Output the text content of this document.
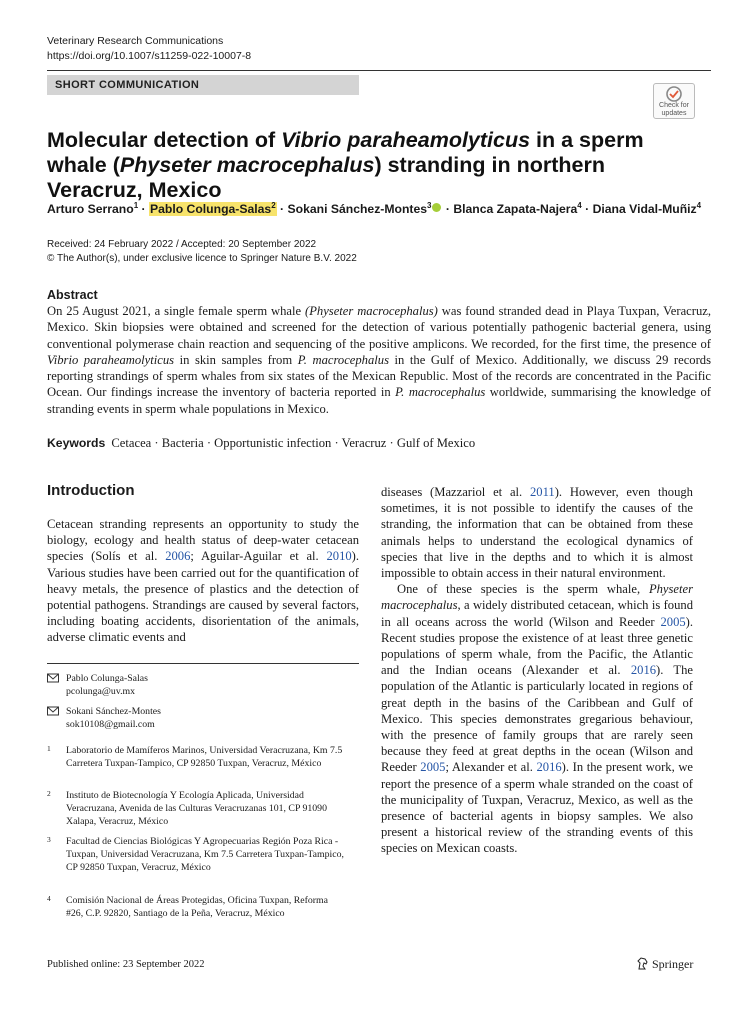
Veterinary Research Communications
https://doi.org/10.1007/s11259-022-10007-8
SHORT COMMUNICATION
Check for
updates
Molecular detection of Vibrio paraheamolyticus in a sperm whale (Physeter macrocephalus) stranding in northern Veracruz, Mexico
Arturo Serrano$^1$ · Pablo Colunga-Salas$^2$ · Sokani Sánchez-Montes$^3$ · Blanca Zapata-Najera$^4$ · Diana Vidal-Muñiz$^4$
Received: 24 February 2022 / Accepted: 20 September 2022
© The Author(s), under exclusive licence to Springer Nature B.V. 2022
Abstract
On 25 August 2021, a single female sperm whale (Physeter macrocephalus) was found stranded dead in Playa Tuxpan, Veracruz, Mexico. Skin biopsies were obtained and screened for the detection of various potentially pathogenic bacterial genera, using conventional polymerase chain reaction and sequencing of the positive amplicons. We recorded, for the first time, the presence of Vibrio paraheamolyticus in skin samples from P. macrocephalus in the Gulf of Mexico. Additionally, we discuss 29 records reporting strandings of sperm whales from six states of the Mexican Republic. Most of the records are concentrated in the Pacific Ocean. Our findings increase the inventory of bacteria reported in P. macrocephalus worldwide, summarising the knowledge of stranding events in sperm whale populations in Mexico.
Keywords Cetacea · Bacteria · Opportunistic infection · Veracruz · Gulf of Mexico
Introduction

Cetacean stranding represents an opportunity to study the biology, ecology and health status of deep-water cetacean species (Solís et al. 2006; Aguilar-Aguilar et al. 2010). Various studies have been carried out for the quantification of heavy metals, the presence of plastics and the detection of potential pathogens. Strandings are caused by several factors, including boating accidents, disorientation of the animals, adverse climatic events and

diseases (Mazzariol et al. 2011). However, even though sometimes, it is not possible to identify the causes of the stranding, the information that can be obtained from these animals helps to understand the ecological dynamics of species that live in the depths and to which it is almost impossible to obtain access in their natural environment.

One of these species is the sperm whale, Physeter macrocephalus, a widely distributed cetacean, which is found in all oceans across the world (Wilson and Reeder 2005). Recent studies propose the existence of at least three genetic populations of sperm whale, from the Pacific, the Atlantic and the Indian oceans (Alexander et al. 2016). The population of the Atlantic is particularly located in regions of great depth in the basins of the Caribbean and Gulf of Mexico. This species demonstrates gregarious behaviour, with the presence of family groups that are rarely seen because they feed at great depths in the ocean (Wilson and Reeder 2005; Alexander et al. 2016). In the present work, we report the presence of a sperm whale stranded on the coast of the municipality of Tuxpan, Veracruz, Mexico, as well as the presence of bacterial agents in biopsy samples. We also present a historical review of the stranding events of this species on Mexican coasts.

Pablo Colunga-Salas
pcolunga@uv.mx
Sokani Sánchez-Montes
sok10108@gmail.com
1 Laboratorio de Mamíferos Marinos, Universidad Veracruzana, Km 7.5 Carretera Tuxpan-Tampico, CP 92850 Tuxpan, Veracruz, México
2 Instituto de Biotecnología Y Ecología Aplicada, Universidad Veracruzana, Avenida de las Culturas Veracruzanas 101, CP 91090 Xalapa, Veracruz, México
3 Facultad de Ciencias Biológicas Y Agropecuarias Región Poza Rica - Tuxpan, Universidad Veracruzana, Km 7.5 Carretera Tuxpan-Tampico, CP 92850 Tuxpan, Veracruz, México
4 Comisión Nacional de Áreas Protegidas, Oficina Tuxpan, Reforma #26, C.P. 92820, Santiago de la Peña, Veracruz, México
Published online: 23 September 2022	Springer
